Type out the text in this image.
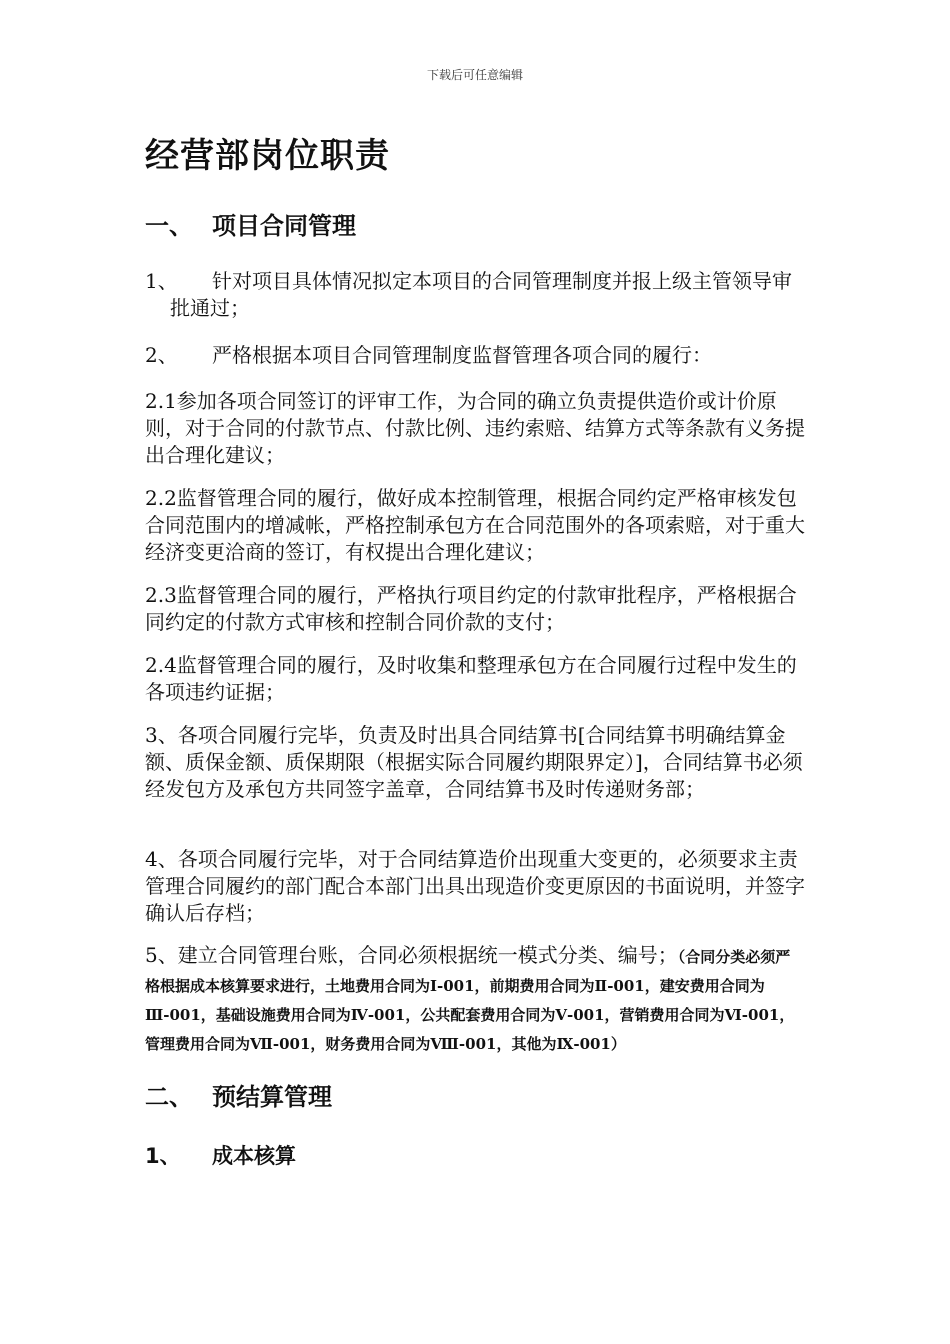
下载后可任意编辑
经营部岗位职责
一、 项目合同管理

1、 针对项目具体情况拟定本项目的合同管理制度并报上级主管领导审批通过；

2、 严格根据本项目合同管理制度监督管理各项合同的履行：

2.1参加各项合同签订的评审工作，为合同的确立负责提供造价或计价原则，对于合同的付款节点、付款比例、违约索赔、结算方式等条款有义务提出合理化建议；

2.2监督管理合同的履行，做好成本控制管理，根据合同约定严格审核发包合同范围内的增减帐，严格控制承包方在合同范围外的各项索赔，对于重大经济变更洽商的签订，有权提出合理化建议；

2.3监督管理合同的履行，严格执行项目约定的付款审批程序，严格根据合同约定的付款方式审核和控制合同价款的支付；

2.4监督管理合同的履行，及时收集和整理承包方在合同履行过程中发生的各项违约证据；

3、各项合同履行完毕，负责及时出具合同结算书[合同结算书明确结算金额、质保金额、质保期限（根据实际合同履约期限界定）]，合同结算书必须经发包方及承包方共同签字盖章，合同结算书及时传递财务部；

4、各项合同履行完毕，对于合同结算造价出现重大变更的，必须要求主责管理合同履约的部门配合本部门出具出现造价变更原因的书面说明，并签字确认后存档；

5、建立合同管理台账，合同必须根据统一模式分类、编号；（合同分类必须严格根据成本核算要求进行，土地费用合同为Ⅰ-001，前期费用合同为Ⅱ-001，建安费用合同为Ⅲ-001，基础设施费用合同为Ⅳ-001，公共配套费用合同为Ⅴ-001，营销费用合同为Ⅵ-001，管理费用合同为Ⅶ-001，财务费用合同为Ⅷ-001，其他为Ⅸ-001）

二、 预结算管理
1、 成本核算
